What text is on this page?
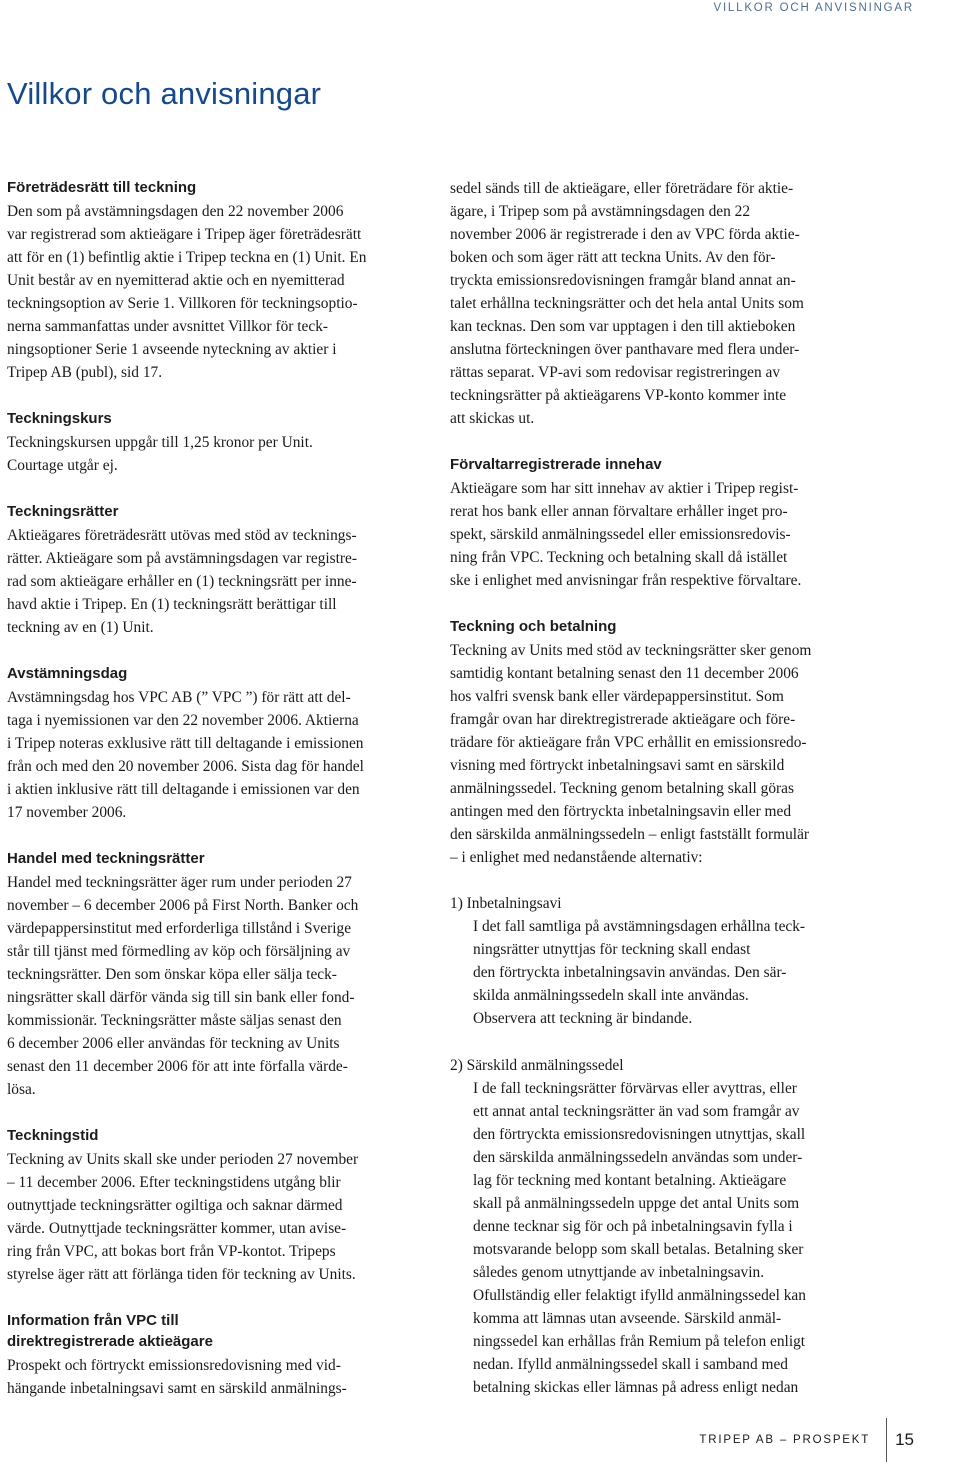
VILLKOR OCH ANVISNINGAR
Villkor och anvisningar
Företrädesrätt till teckning
Den som på avstämningsdagen den 22 november 2006
var registrerad som aktieägare i Tripep äger företrädesrätt
att för en (1) befintlig aktie i Tripep teckna en (1) Unit. En
Unit består av en nyemitterad aktie och en nyemitterad
teckningsoption av Serie 1. Villkoren för teckningsoptio-
nerna sammanfattas under avsnittet Villkor för teck-
ningsoptioner Serie 1 avseende nyteckning av aktier i
Tripep AB (publ), sid 17.
Teckningskurs
Teckningskursen uppgår till 1,25 kronor per Unit.
Courtage utgår ej.
Teckningsrätter
Aktieägares företrädesrätt utövas med stöd av tecknings-
rätter. Aktieägare som på avstämningsdagen var registre-
rad som aktieägare erhåller en (1) teckningsrätt per inne-
havd aktie i Tripep. En (1) teckningsrätt berättigar till
teckning av en (1) Unit.
Avstämningsdag
Avstämningsdag hos VPC AB (” VPC ”) för rätt att del-
taga i nyemissionen var den 22 november 2006. Aktierna
i Tripep noteras exklusive rätt till deltagande i emissionen
från och med den 20 november 2006. Sista dag för handel
i aktien inklusive rätt till deltagande i emissionen var den
17 november 2006.
Handel med teckningsrätter
Handel med teckningsrätter äger rum under perioden 27
november – 6 december 2006 på First North. Banker och
värdepappersinstitut med erforderliga tillstånd i Sverige
står till tjänst med förmedling av köp och försäljning av
teckningsrätter. Den som önskar köpa eller sälja teck-
ningsrätter skall därför vända sig till sin bank eller fond-
kommissionär. Teckningsrätter måste säljas senast den
6 december 2006 eller användas för teckning av Units
senast den 11 december 2006 för att inte förfalla värde-
lösa.
Teckningstid
Teckning av Units skall ske under perioden 27 november
– 11 december 2006. Efter teckningstidens utgång blir
outnyttjade teckningsrätter ogiltiga och saknar därmed
värde. Outnyttjade teckningsrätter kommer, utan avise-
ring från VPC, att bokas bort från VP-kontot. Tripeps
styrelse äger rätt att förlänga tiden för teckning av Units.
Information från VPC till
direktregistrerade aktieägare
Prospekt och förtryckt emissionsredovisning med vid-
hängande inbetalningsavi samt en särskild anmälnings-
sedel sänds till de aktieägare, eller företrädare för aktie-
ägare, i Tripep som på avstämningsdagen den 22
november 2006 är registrerade i den av VPC förda aktie-
boken och som äger rätt att teckna Units. Av den för-
tryckta emissionsredovisningen framgår bland annat an-
talet erhållna teckningsrätter och det hela antal Units som
kan tecknas. Den som var upptagen i den till aktieboken
anslutna förteckningen över panthavare med flera under-
rättas separat. VP-avi som redovisar registreringen av
teckningsrätter på aktieägarens VP-konto kommer inte
att skickas ut.
Förvaltarregistrerade innehav
Aktieägare som har sitt innehav av aktier i Tripep regist-
rerat hos bank eller annan förvaltare erhåller inget pro-
spekt, särskild anmälningssedel eller emissionsredovis-
ning från VPC. Teckning och betalning skall då istället
ske i enlighet med anvisningar från respektive förvaltare.
Teckning och betalning
Teckning av Units med stöd av teckningsrätter sker genom
samtidig kontant betalning senast den 11 december 2006
hos valfri svensk bank eller värdepappersinstitut. Som
framgår ovan har direktregistrerade aktieägare och före-
trädare för aktieägare från VPC erhållit en emissionsredo-
visning med förtryckt inbetalningsavi samt en särskild
anmälningssedel. Teckning genom betalning skall göras
antingen med den förtryckta inbetalningsavin eller med
den särskilda anmälningssedeln – enligt fastställt formulär
– i enlighet med nedanstående alternativ:
1) Inbetalningsavi
I det fall samtliga på avstämningsdagen erhållna teck-
ningsrätter utnyttjas för teckning skall endast
den förtryckta inbetalningsavin användas. Den sär-
skilda anmälningssedeln skall inte användas.
Observera att teckning är bindande.
2) Särskild anmälningssedel
I de fall teckningsrätter förvärvas eller avyttras, eller
ett annat antal teckningsrätter än vad som framgår av
den förtryckta emissionsredovisningen utnyttjas, skall
den särskilda anmälningssedeln användas som under-
lag för teckning med kontant betalning. Aktieägare
skall på anmälningssedeln uppge det antal Units som
denne tecknar sig för och på inbetalningsavin fylla i
motsvarande belopp som skall betalas. Betalning sker
således genom utnyttjande av inbetalningsavin.
Ofullständig eller felaktigt ifylld anmälningssedel kan
komma att lämnas utan avseende. Särskild anmäl-
ningssedel kan erhållas från Remium på telefon enligt
nedan. Ifylld anmälningssedel skall i samband med
betalning skickas eller lämnas på adress enligt nedan
TRIPEP AB – PROSPEKT 15
